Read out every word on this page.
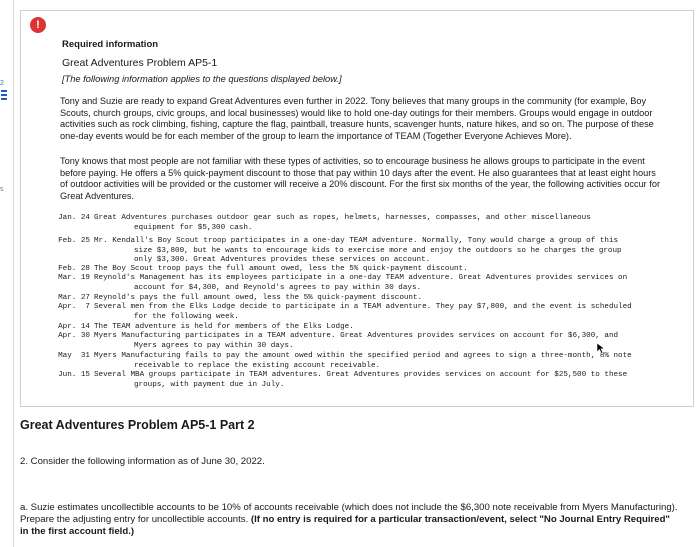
2
s
!
Required information
Great Adventures Problem AP5-1
[The following information applies to the questions displayed below.]

Tony and Suzie are ready to expand Great Adventures even further in 2022. Tony believes that many groups in the community (for example, Boy Scouts, church groups, civic groups, and local businesses) would like to hold one-day outings for their members. Groups would engage in outdoor activities such as rock climbing, fishing, capture the flag, paintball, treasure hunts, scavenger hunts, nature hikes, and so on. The purpose of these one-day events would be for each member of the group to learn the importance of TEAM (Together Everyone Achieves More).

Tony knows that most people are not familiar with these types of activities, so to encourage business he allows groups to participate in the event before paying. He offers a 5% quick-payment discount to those that pay within 10 days after the event. He also guarantees that at least eight hours of outdoor activities will be provided or the customer will receive a 20% discount. For the first six months of the year, the following activities occur for Great Adventures.

Jan. 24 Great Adventures purchases outdoor gear such as ropes, helmets, harnesses, compasses, and other miscellaneous equipment for $5,300 cash.
Feb. 25 Mr. Kendall's Boy Scout troop participates in a one-day TEAM adventure. Normally, Tony would charge a group of this size $3,800, but he wants to encourage kids to exercise more and enjoy the outdoors so he charges the group only $3,300. Great Adventures provides these services on account.
Feb. 28 The Boy Scout troop pays the full amount owed, less the 5% quick-payment discount.
Mar. 19 Reynold's Management has its employees participate in a one-day TEAM adventure. Great Adventures provides services on account for $4,300, and Reynold's agrees to pay within 30 days.
Mar. 27 Reynold's pays the full amount owed, less the 5% quick-payment discount.
Apr.  7 Several men from the Elks Lodge decide to participate in a TEAM adventure. They pay $7,800, and the event is scheduled for the following week.
Apr. 14 The TEAM adventure is held for members of the Elks Lodge.
Apr. 30 Myers Manufacturing participates in a TEAM adventure. Great Adventures provides services on account for $6,300, and Myers agrees to pay within 30 days.
May  31 Myers Manufacturing fails to pay the amount owed within the specified period and agrees to sign a three-month, 8% note receivable to replace the existing account receivable.
Jun. 15 Several MBA groups participate in TEAM adventures. Great Adventures provides services on account for $25,500 to these groups, with payment due in July.
Great Adventures Problem AP5-1 Part 2
2. Consider the following information as of June 30, 2022.

a. Suzie estimates uncollectible accounts to be 10% of accounts receivable (which does not include the $6,300 note receivable from Myers Manufacturing). Prepare the adjusting entry for uncollectible accounts. (If no entry is required for a particular transaction/event, select "No Journal Entry Required" in the first account field.)
